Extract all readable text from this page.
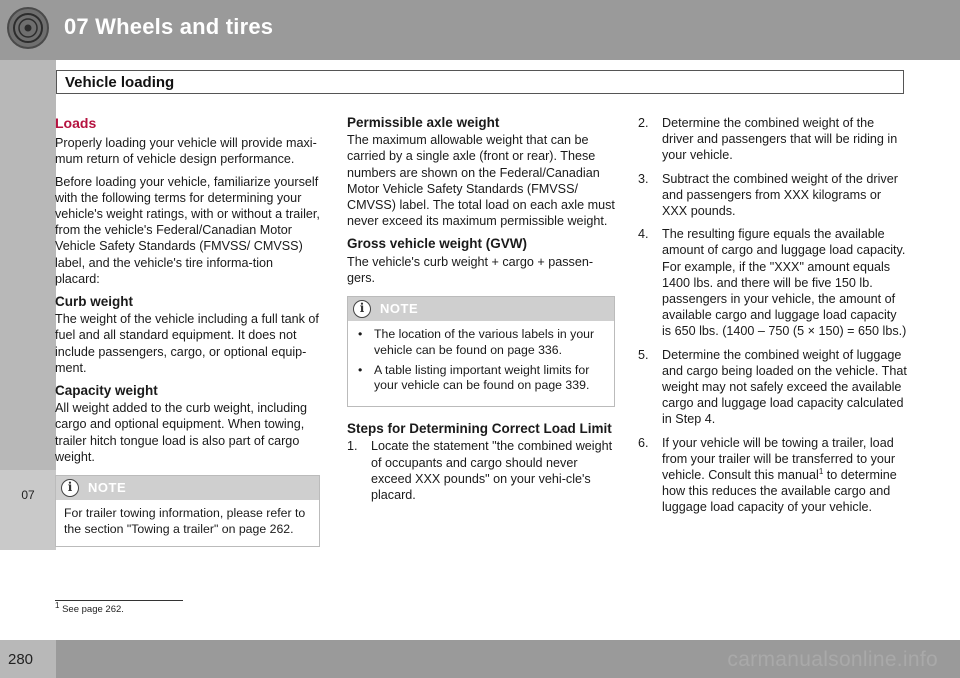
07 Wheels and tires
07
Vehicle loading
Loads

Properly loading your vehicle will provide maxi-mum return of vehicle design performance.

Before loading your vehicle, familiarize yourself with the following terms for determining your vehicle's weight ratings, with or without a trailer, from the vehicle's Federal/Canadian Motor Vehicle Safety Standards (FMVSS/ CMVSS) label, and the vehicle's tire informa-tion placard:

Curb weight

The weight of the vehicle including a full tank of fuel and all standard equipment. It does not include passengers, cargo, or optional equip-ment.

Capacity weight

All weight added to the curb weight, including cargo and optional equipment. When towing, trailer hitch tongue load is also part of cargo weight.

i	NOTE
For trailer towing information, please refer to the section "Towing a trailer" on page 262.
Permissible axle weight

The maximum allowable weight that can be carried by a single axle (front or rear). These numbers are shown on the Federal/Canadian Motor Vehicle Safety Standards (FMVSS/ CMVSS) label. The total load on each axle must never exceed its maximum permissible weight.

Gross vehicle weight (GVW)

The vehicle's curb weight + cargo + passen-gers.

i	NOTE
• The location of the various labels in your vehicle can be found on page 336.
• A table listing important weight limits for your vehicle can be found on page 339.
Steps for Determining Correct Load Limit
1. Locate the statement "the combined weight of occupants and cargo should never exceed XXX pounds" on your vehi-cle's placard.
2. Determine the combined weight of the driver and passengers that will be riding in your vehicle.
3. Subtract the combined weight of the driver and passengers from XXX kilograms or XXX pounds.
4. The resulting figure equals the available amount of cargo and luggage load capacity. For example, if the "XXX" amount equals 1400 lbs. and there will be five 150 lb. passengers in your vehicle, the amount of available cargo and luggage load capacity is 650 lbs. (1400 – 750 (5 × 150) = 650 lbs.)
5. Determine the combined weight of luggage and cargo being loaded on the vehicle. That weight may not safely exceed the available cargo and luggage load capacity calculated in Step 4.
6. If your vehicle will be towing a trailer, load from your trailer will be transferred to your vehicle. Consult this manual$^1$ to determine how this reduces the available cargo and luggage load capacity of your vehicle.
$^1$ See page 262.
280	carmanualsonline.info
